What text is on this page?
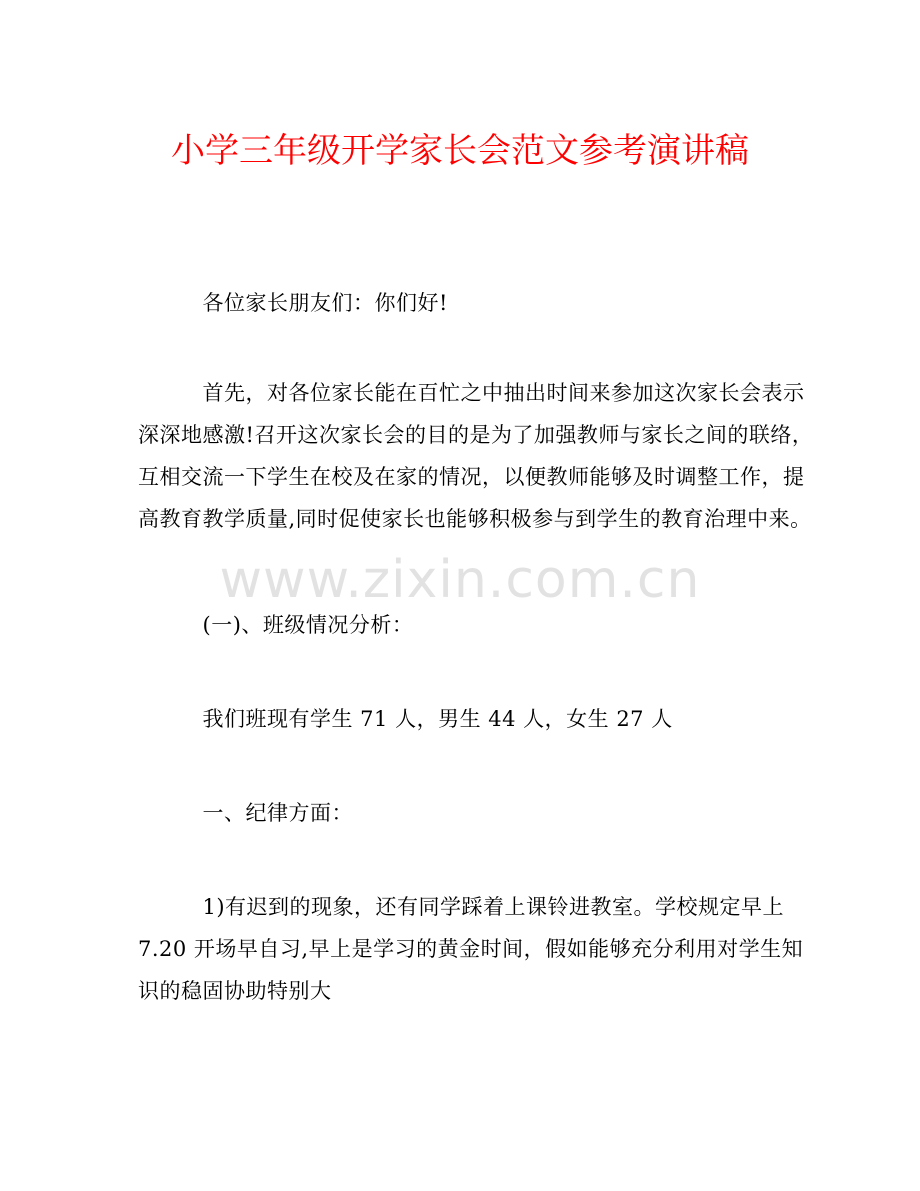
小学三年级开学家长会范文参考演讲稿
　　　各位家长朋友们：你们好!
　　　首先，对各位家长能在百忙之中抽出时间来参加这次家长会表示
深深地感激!召开这次家长会的目的是为了加强教师与家长之间的联络，
互相交流一下学生在校及在家的情况，以便教师能够及时调整工作，提
高教育教学质量,同时促使家长也能够积极参与到学生的教育治理中来。
www.zixin.com.cn
　　　(一)、班级情况分析：
　　　我们班现有学生 71 人，男生 44 人，女生 27 人
　　　一、纪律方面：
　　　1)有迟到的现象，还有同学踩着上课铃进教室。学校规定早上
7.20 开场早自习,早上是学习的黄金时间，假如能够充分利用对学生知
识的稳固协助特别大
